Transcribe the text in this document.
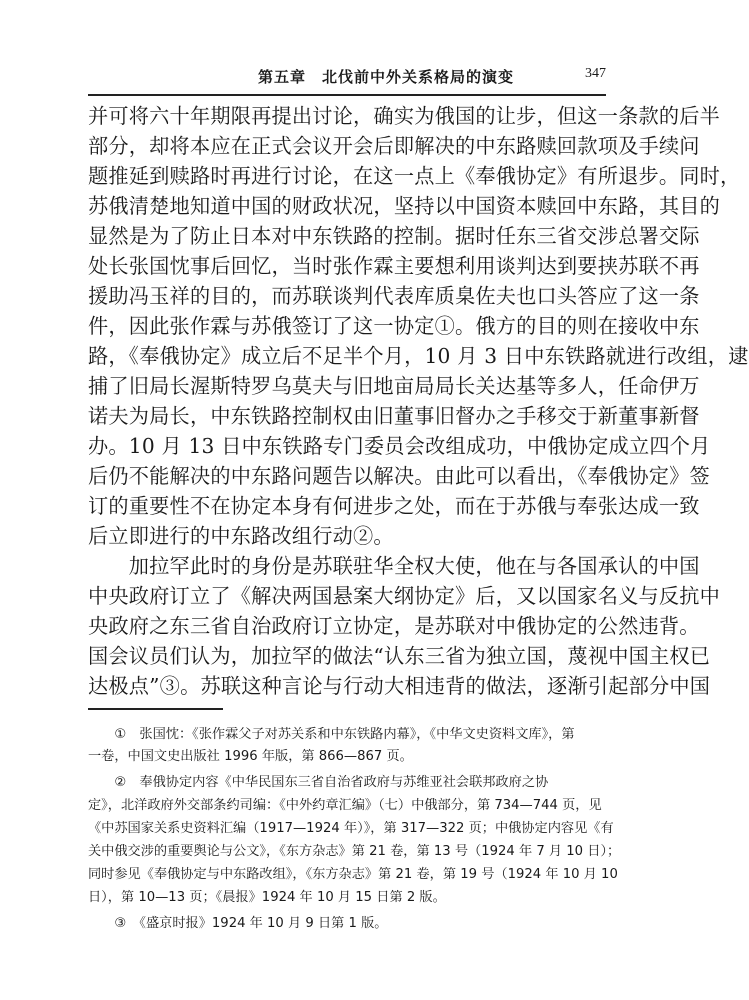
第五章　北伐前中外关系格局的演变	347
并可将六十年期限再提出讨论，确实为俄国的让步，但这一条款的后半
部分，却将本应在正式会议开会后即解决的中东路赎回款项及手续问
题推延到赎路时再进行讨论，在这一点上《奉俄协定》有所退步。同时，
苏俄清楚地知道中国的财政状况，坚持以中国资本赎回中东路，其目的
显然是为了防止日本对中东铁路的控制。据时任东三省交涉总署交际
处长张国忱事后回忆，当时张作霖主要想利用谈判达到要挟苏联不再
援助冯玉祥的目的，而苏联谈判代表库质臬佐夫也口头答应了这一条
件，因此张作霖与苏俄签订了这一协定①。俄方的目的则在接收中东
路，《奉俄协定》成立后不足半个月，10 月 3 日中东铁路就进行改组，逮
捕了旧局长渥斯特罗乌莫夫与旧地亩局局长关达基等多人，任命伊万
诺夫为局长，中东铁路控制权由旧董事旧督办之手移交于新董事新督
办。10 月 13 日中东铁路专门委员会改组成功，中俄协定成立四个月
后仍不能解决的中东路问题告以解决。由此可以看出，《奉俄协定》签
订的重要性不在协定本身有何进步之处，而在于苏俄与奉张达成一致
后立即进行的中东路改组行动②。
　　加拉罕此时的身份是苏联驻华全权大使，他在与各国承认的中国
中央政府订立了《解决两国悬案大纲协定》后，又以国家名义与反抗中
央政府之东三省自治政府订立协定，是苏联对中俄协定的公然违背。
国会议员们认为，加拉罕的做法“认东三省为独立国，蔑视中国主权已
达极点”③。苏联这种言论与行动大相违背的做法，逐渐引起部分中国
　　①　张国忱：《张作霖父子对苏关系和中东铁路内幕》，《中华文史资料文库》，第
一卷，中国文史出版社 1996 年版，第 866—867 页。
　　②　奉俄协定内容《中华民国东三省自治省政府与苏维亚社会联邦政府之协
定》，北洋政府外交部条约司编：《中外约章汇编》（七）中俄部分，第 734—744 页，见
《中苏国家关系史资料汇编（1917—1924 年）》，第 317—322 页；中俄协定内容见《有
关中俄交涉的重要舆论与公文》，《东方杂志》第 21 卷，第 13 号（1924 年 7 月 10 日）；
同时参见《奉俄协定与中东路改组》，《东方杂志》第 21 卷，第 19 号（1924 年 10 月 10
日），第 10—13 页；《晨报》1924 年 10 月 15 日第 2 版。
　　③　《盛京时报》1924 年 10 月 9 日第 1 版。
